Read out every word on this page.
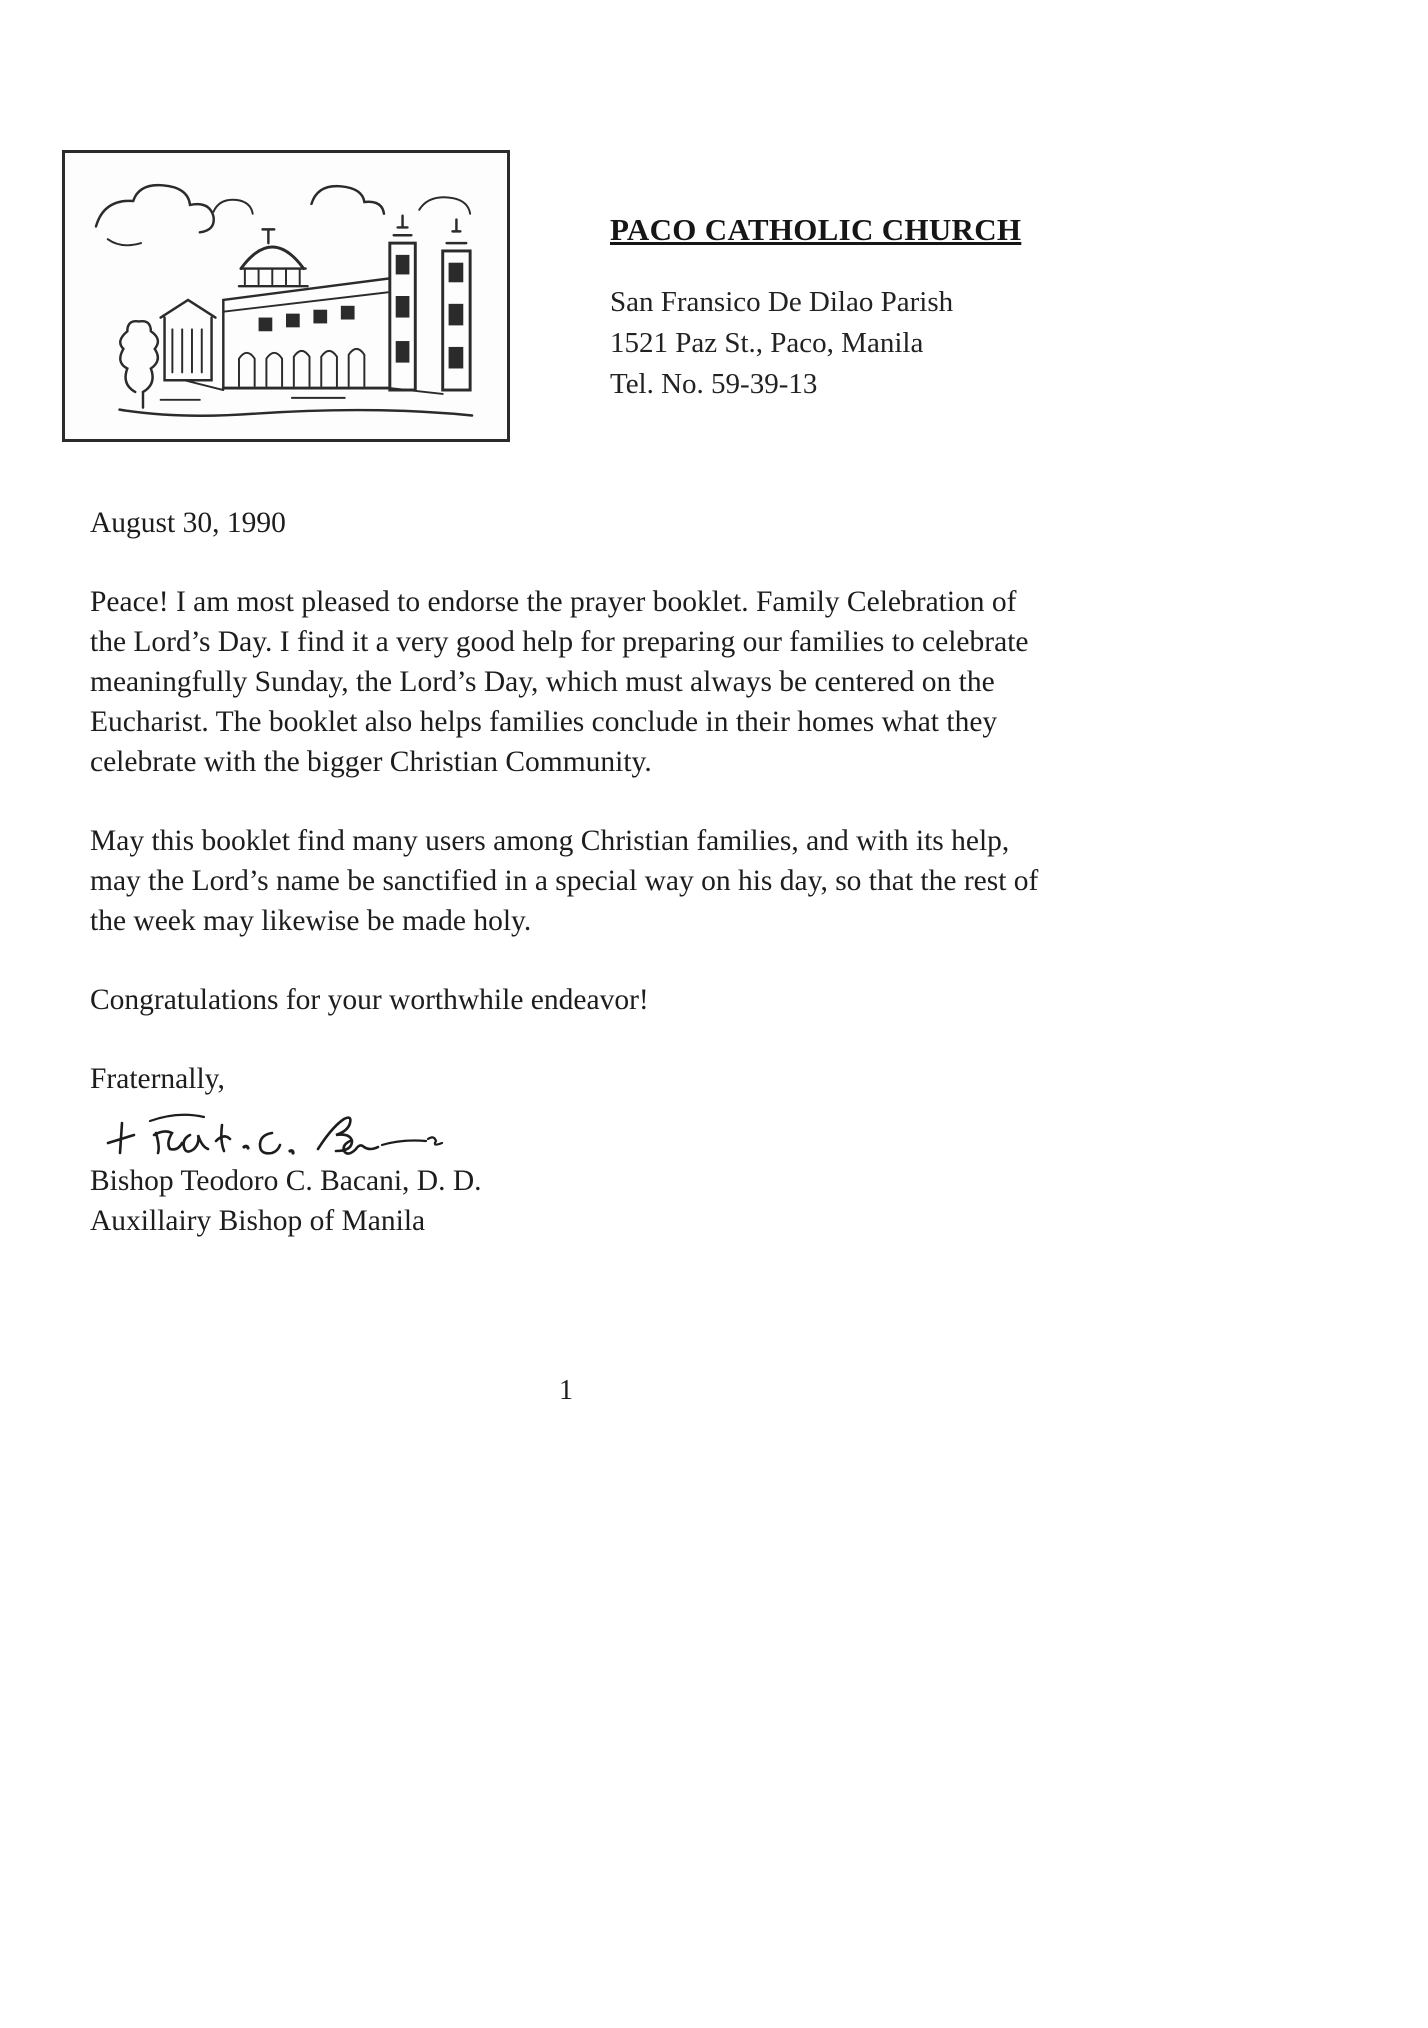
PACO CATHOLIC CHURCH
San Fransico De Dilao Parish
1521 Paz St., Paco, Manila
Tel. No. 59-39-13
August 30, 1990

Peace! I am most pleased to endorse the prayer booklet. Family Celebration of the Lord’s Day. I find it a very good help for preparing our families to celebrate meaningfully Sunday, the Lord’s Day, which must always be centered on the Eucharist. The booklet also helps families conclude in their homes what they celebrate with the bigger Christian Community.

May this booklet find many users among Christian families, and with its help, may the Lord’s name be sanctified in a special way on his day, so that the rest of the week may likewise be made holy.

Congratulations for your worthwhile endeavor!

Fraternally,
Bishop Teodoro C. Bacani, D. D.
Auxillairy Bishop of Manila
1
